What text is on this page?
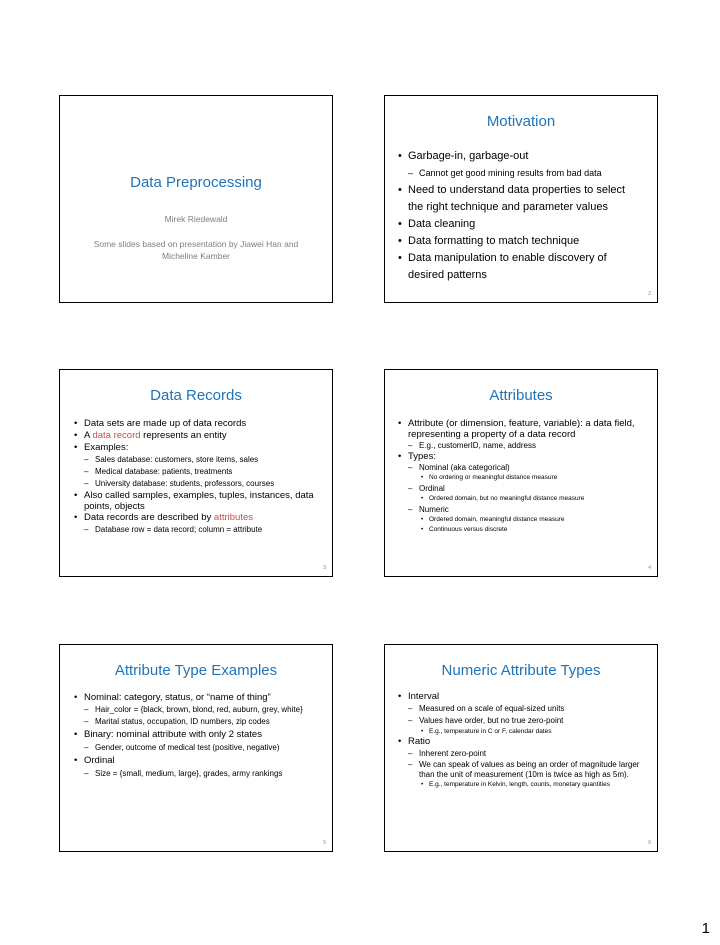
Data Preprocessing
Mirek Riedewald
Some slides based on presentation by Jiawei Han and Micheline Kamber
Motivation
• Garbage-in, garbage-out
– Cannot get good mining results from bad data
• Need to understand data properties to select the right technique and parameter values
• Data cleaning
• Data formatting to match technique
• Data manipulation to enable discovery of desired patterns
2
Data Records
• Data sets are made up of data records
• A data record represents an entity
• Examples:
– Sales database: customers, store items, sales
– Medical database: patients, treatments
– University database: students, professors, courses
• Also called samples, examples, tuples, instances, data points, objects
• Data records are described by attributes
– Database row = data record; column = attribute
3
Attributes
• Attribute (or dimension, feature, variable): a data field, representing a property of a data record
– E.g., customerID, name, address
• Types:
– Nominal (aka categorical)
• No ordering or meaningful distance measure
– Ordinal
• Ordered domain, but no meaningful distance measure
– Numeric
• Ordered domain, meaningful distance measure
• Continuous versus discrete
4
Attribute Type Examples
• Nominal: category, status, or “name of thing”
– Hair_color = {black, brown, blond, red, auburn, grey, white}
– Marital status, occupation, ID numbers, zip codes
• Binary: nominal attribute with only 2 states
– Gender, outcome of medical test (positive, negative)
• Ordinal
– Size = {small, medium, large}, grades, army rankings
5
Numeric Attribute Types
• Interval
– Measured on a scale of equal-sized units
– Values have order, but no true zero-point
• E.g., temperature in C or F, calendar dates
• Ratio
– Inherent zero-point
– We can speak of values as being an order of magnitude larger than the unit of measurement (10m is twice as high as 5m).
• E.g., temperature in Kelvin, length, counts, monetary quantities
6
1
